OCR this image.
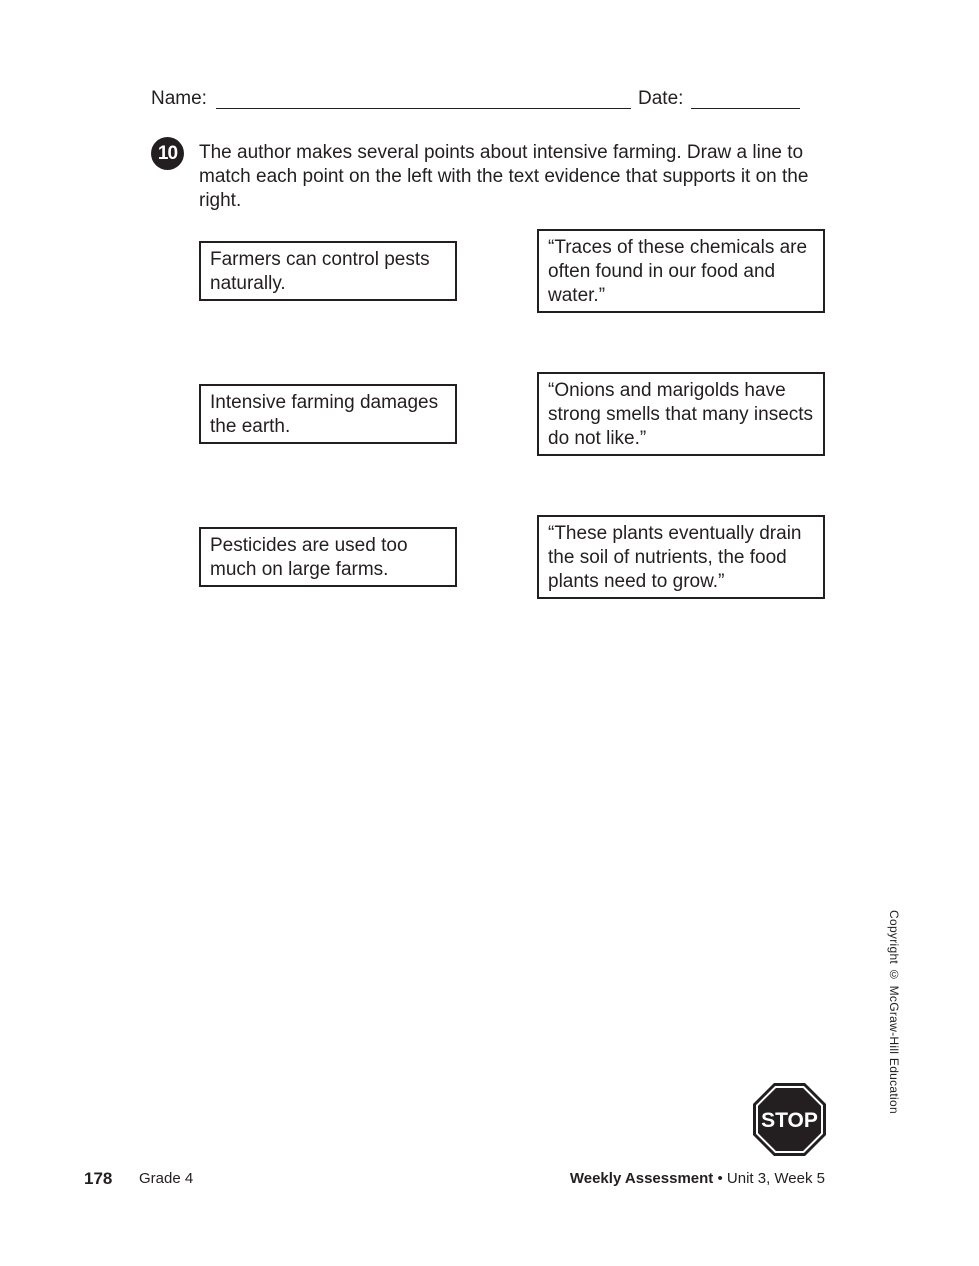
Name:	Date:
10	The author makes several points about intensive farming. Draw a line to match each point on the left with the text evidence that supports it on the right.
Farmers can control pests naturally.
Intensive farming damages the earth.
Pesticides are used too much on large farms.
“Traces of these chemicals are often found in our food and water.”
“Onions and marigolds have strong smells that many insects do not like.”
“These plants eventually drain the soil of nutrients, the food plants need to grow.”
Copyright © McGraw-Hill Education
STOP
178 Grade 4	Weekly Assessment • Unit 3, Week 5
